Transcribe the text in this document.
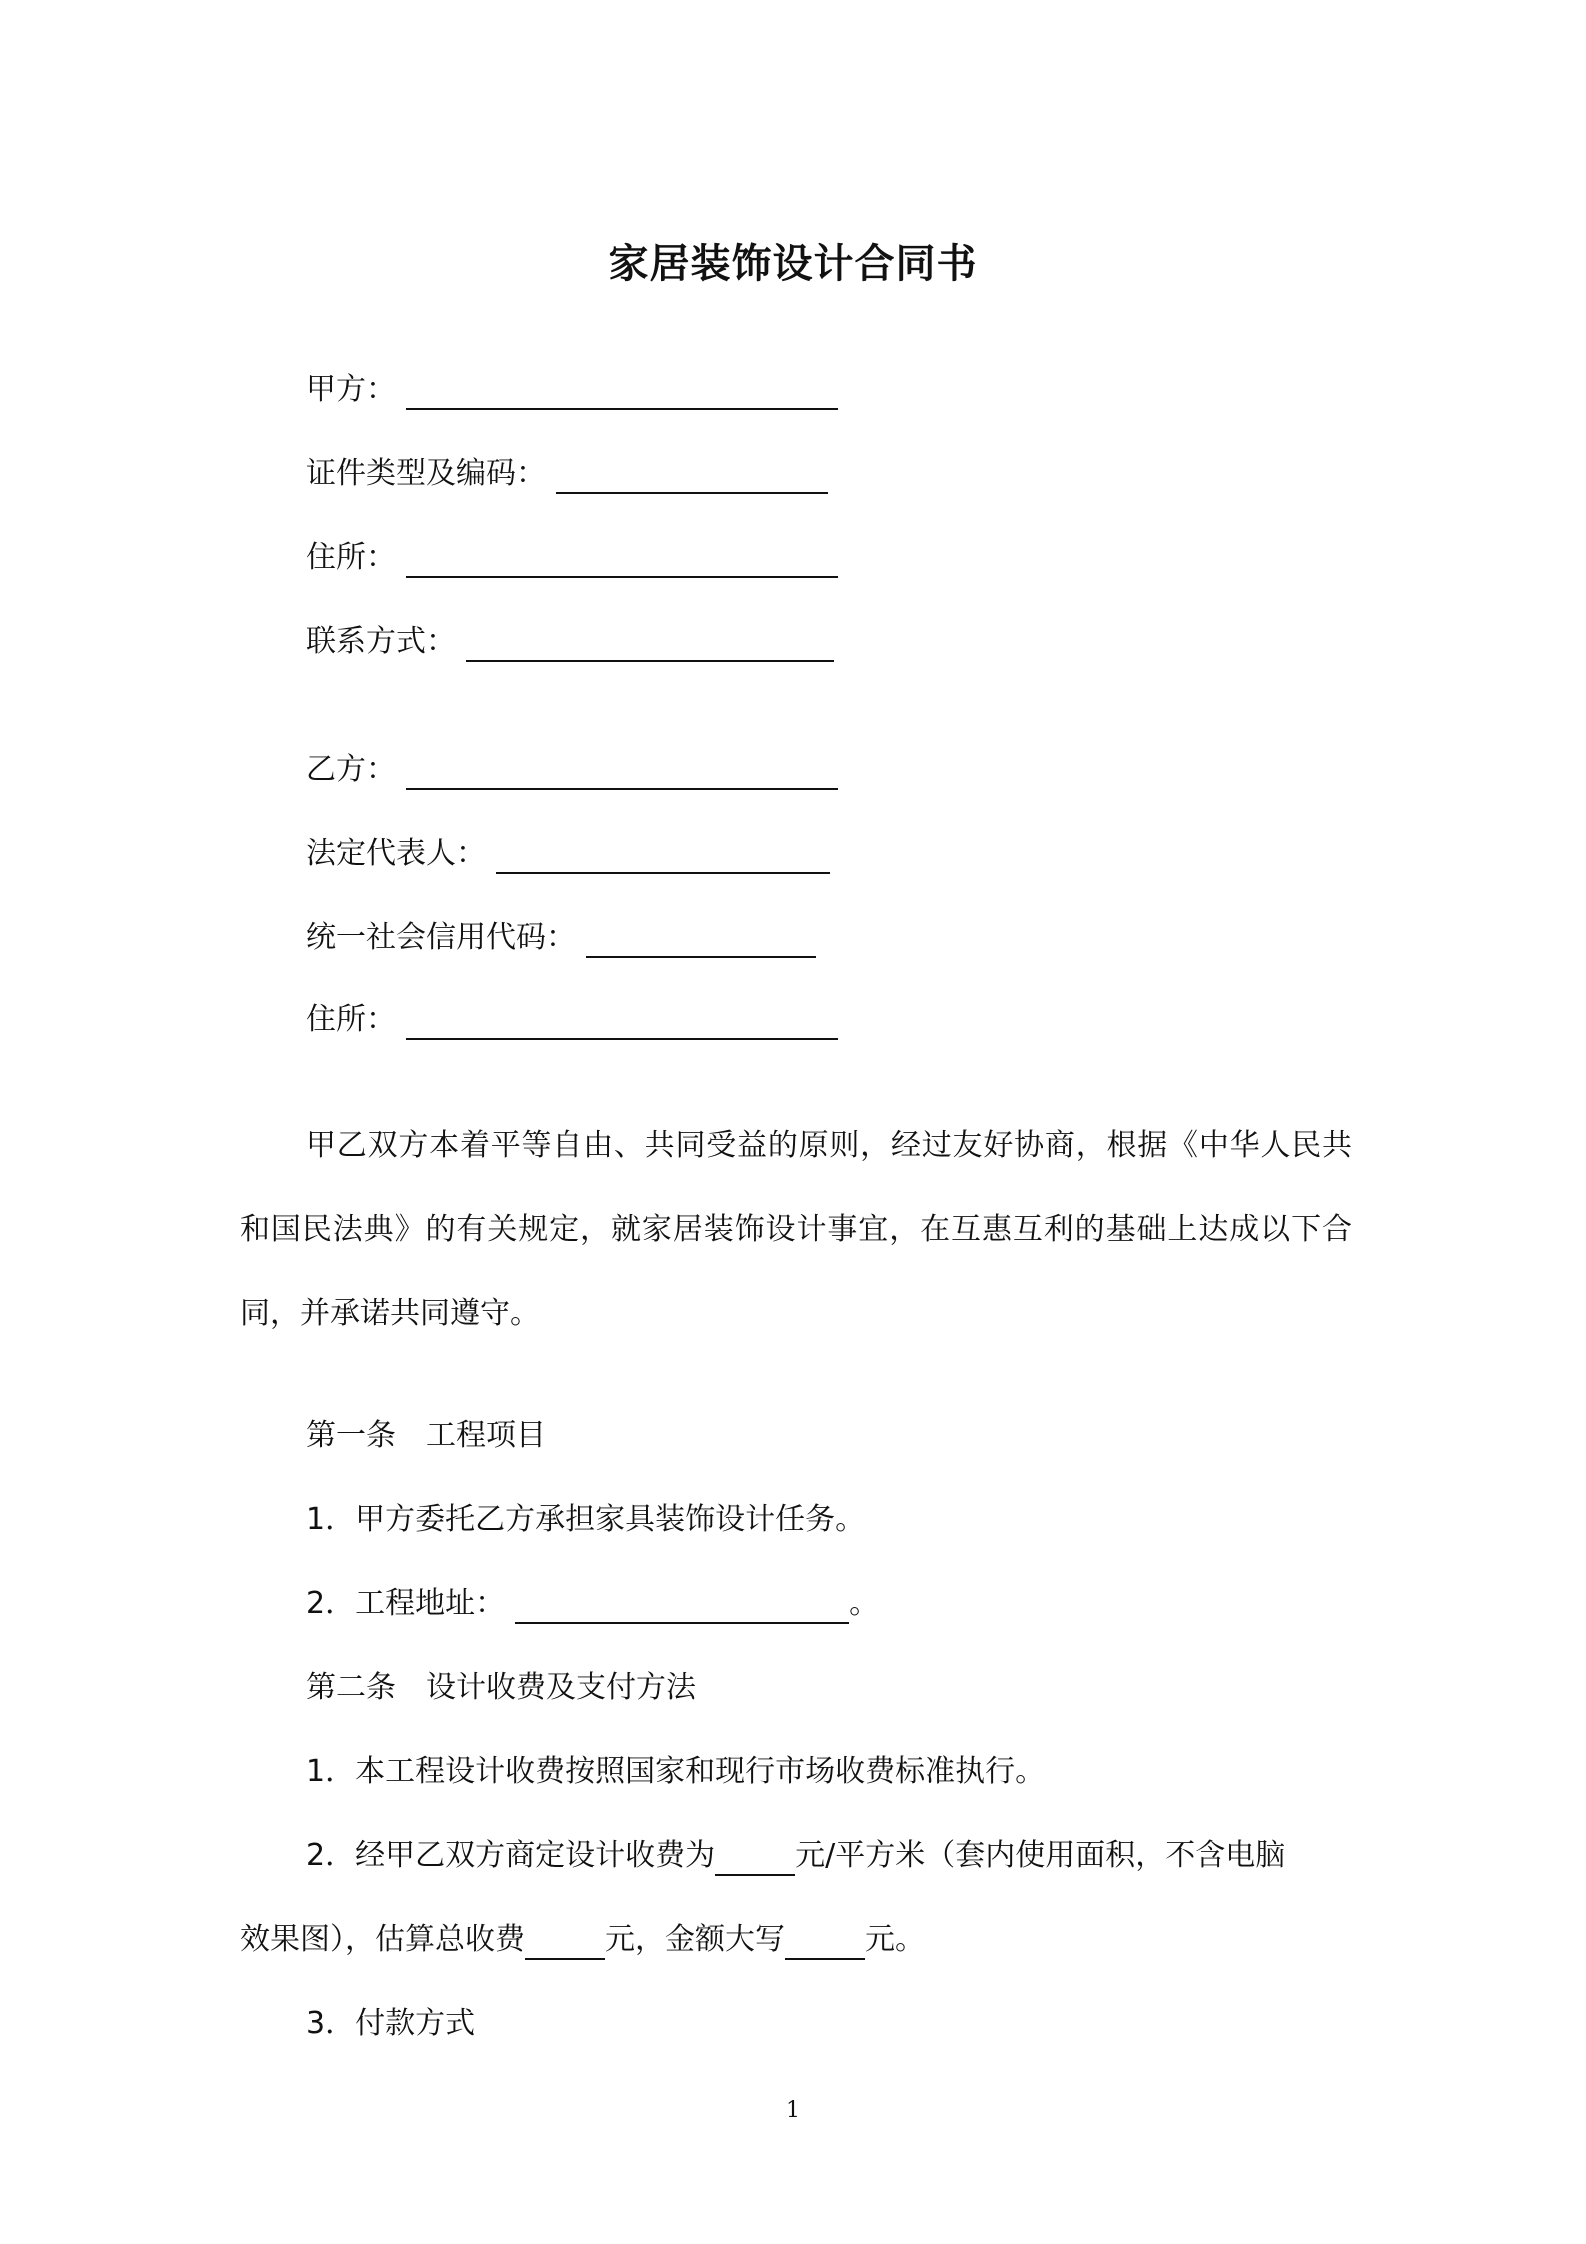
家居装饰设计合同书
甲方：
证件类型及编码：
住所：
联系方式：
乙方：
法定代表人：
统一社会信用代码：
住所：
甲乙双方本着平等自由、共同受益的原则，经过友好协商，根据《中华人民共和国民法典》的有关规定，就家居装饰设计事宜，在互惠互利的基础上达成以下合同，并承诺共同遵守。
第一条　工程项目
1．甲方委托乙方承担家具装饰设计任务。
2．工程地址：	。
第二条　设计收费及支付方法
1．本工程设计收费按照国家和现行市场收费标准执行。
2．经甲乙双方商定设计收费为	元/平方米（套内使用面积，不含电脑
效果图），估算总收费	元，金额大写	元。
3．付款方式
1
